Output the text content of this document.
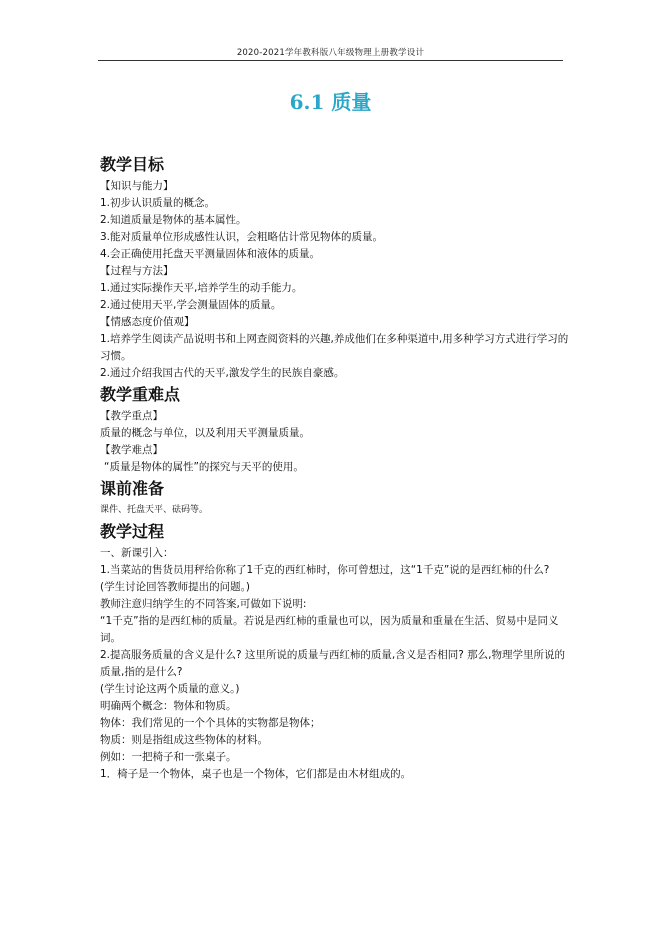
2020-2021学年教科版八年级物理上册教学设计
6.1 质量
教学目标

【知识与能力】

1.初步认识质量的概念。

2.知道质量是物体的基本属性。

3.能对质量单位形成感性认识，会粗略估计常见物体的质量。

4.会正确使用托盘天平测量固体和液体的质量。

【过程与方法】

1.通过实际操作天平,培养学生的动手能力。

2.通过使用天平,学会测量固体的质量。

【情感态度价值观】

1.培养学生阅读产品说明书和上网查阅资料的兴趣,养成他们在多种渠道中,用多种学习方式进行学习的习惯。

2.通过介绍我国古代的天平,激发学生的民族自豪感。

教学重难点

【教学重点】

质量的概念与单位，以及利用天平测量质量。

【教学难点】

“质量是物体的属性”的探究与天平的使用。

课前准备

课件、托盘天平、砝码等。

教学过程

一、新课引入：

1.当菜站的售货员用秤给你称了1千克的西红柿时，你可曾想过，这“1千克”说的是西红柿的什么?

(学生讨论回答教师提出的问题。)

教师注意归纳学生的不同答案,可做如下说明:

“1千克”指的是西红柿的质量。若说是西红柿的重量也可以，因为质量和重量在生活、贸易中是同义词。

2.提高服务质量的含义是什么? 这里所说的质量与西红柿的质量,含义是否相同? 那么,物理学里所说的质量,指的是什么?

(学生讨论这两个质量的意义。)

明确两个概念：物体和物质。

物体：我们常见的一个个具体的实物都是物体；

物质：则是指组成这些物体的材料。

例如：一把椅子和一张桌子。

1．椅子是一个物体，桌子也是一个物体，它们都是由木材组成的。
